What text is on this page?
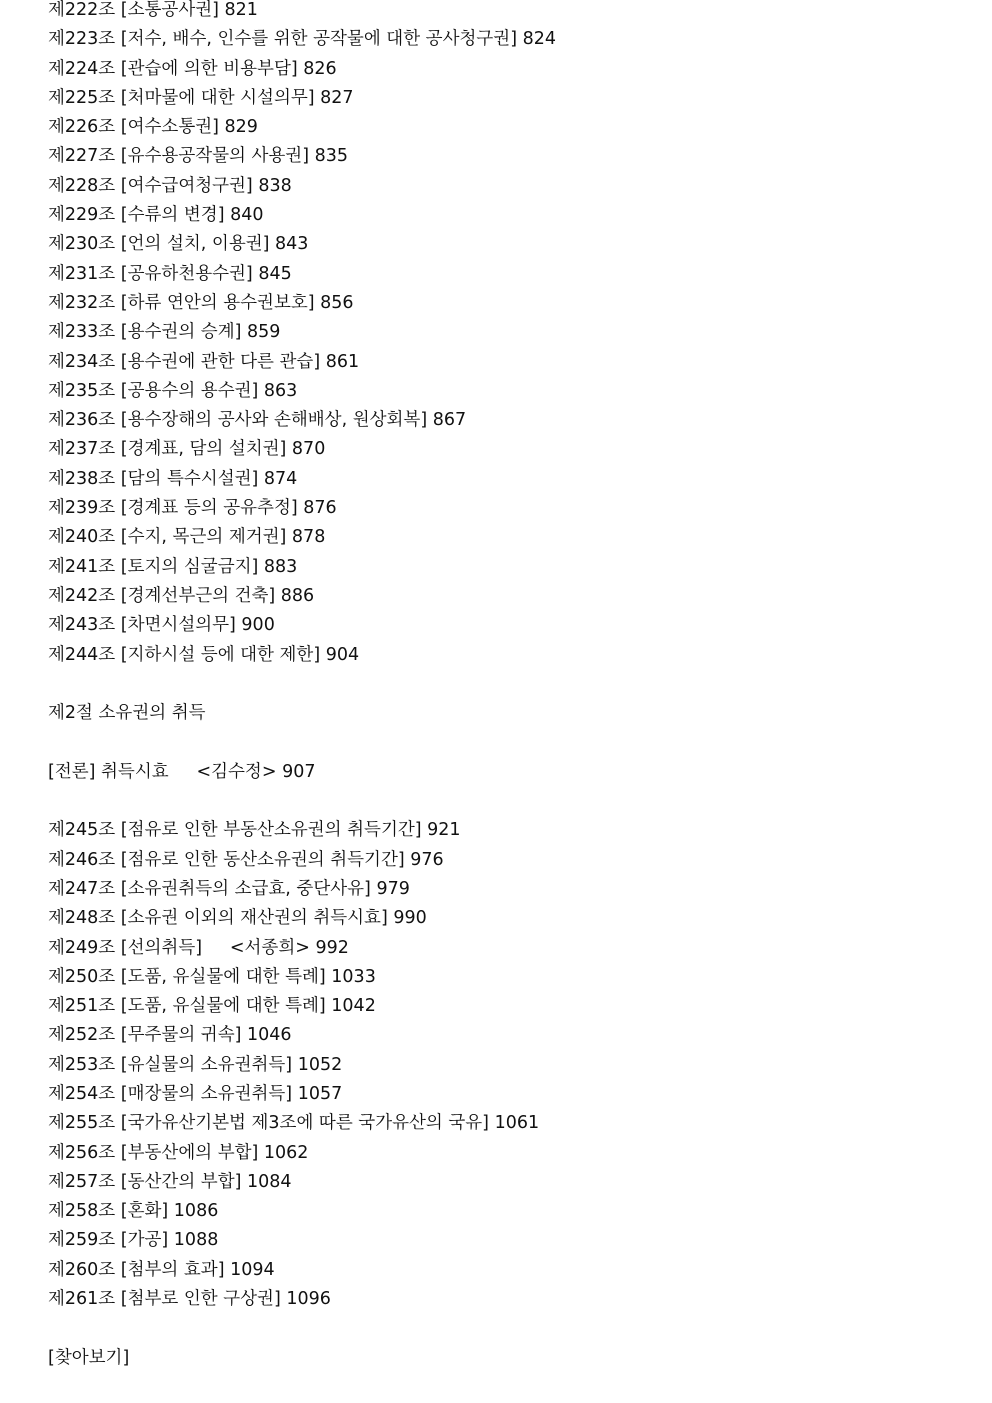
제222조 [소통공사권] 821
제223조 [저수, 배수, 인수를 위한 공작물에 대한 공사청구권] 824
제224조 [관습에 의한 비용부담] 826
제225조 [처마물에 대한 시설의무] 827
제226조 [여수소통권] 829
제227조 [유수용공작물의 사용권] 835
제228조 [여수급여청구권] 838
제229조 [수류의 변경] 840
제230조 [언의 설치, 이용권] 843
제231조 [공유하천용수권] 845
제232조 [하류 연안의 용수권보호] 856
제233조 [용수권의 승계] 859
제234조 [용수권에 관한 다른 관습] 861
제235조 [공용수의 용수권] 863
제236조 [용수장해의 공사와 손해배상, 원상회복] 867
제237조 [경계표, 담의 설치권] 870
제238조 [담의 특수시설권] 874
제239조 [경계표 등의 공유추정] 876
제240조 [수지, 목근의 제거권] 878
제241조 [토지의 심굴금지] 883
제242조 [경계선부근의 건축] 886
제243조 [차면시설의무] 900
제244조 [지하시설 등에 대한 제한] 904
제2절 소유권의 취득
[전론] 취득시효     <김수정> 907
제245조 [점유로 인한 부동산소유권의 취득기간] 921
제246조 [점유로 인한 동산소유권의 취득기간] 976
제247조 [소유권취득의 소급효, 중단사유] 979
제248조 [소유권 이외의 재산권의 취득시효] 990
제249조 [선의취득]     <서종희> 992
제250조 [도품, 유실물에 대한 특례] 1033
제251조 [도품, 유실물에 대한 특례] 1042
제252조 [무주물의 귀속] 1046
제253조 [유실물의 소유권취득] 1052
제254조 [매장물의 소유권취득] 1057
제255조 [국가유산기본법 제3조에 따른 국가유산의 국유] 1061
제256조 [부동산에의 부합] 1062
제257조 [동산간의 부합] 1084
제258조 [혼화] 1086
제259조 [가공] 1088
제260조 [첨부의 효과] 1094
제261조 [첨부로 인한 구상권] 1096
[찾아보기]
